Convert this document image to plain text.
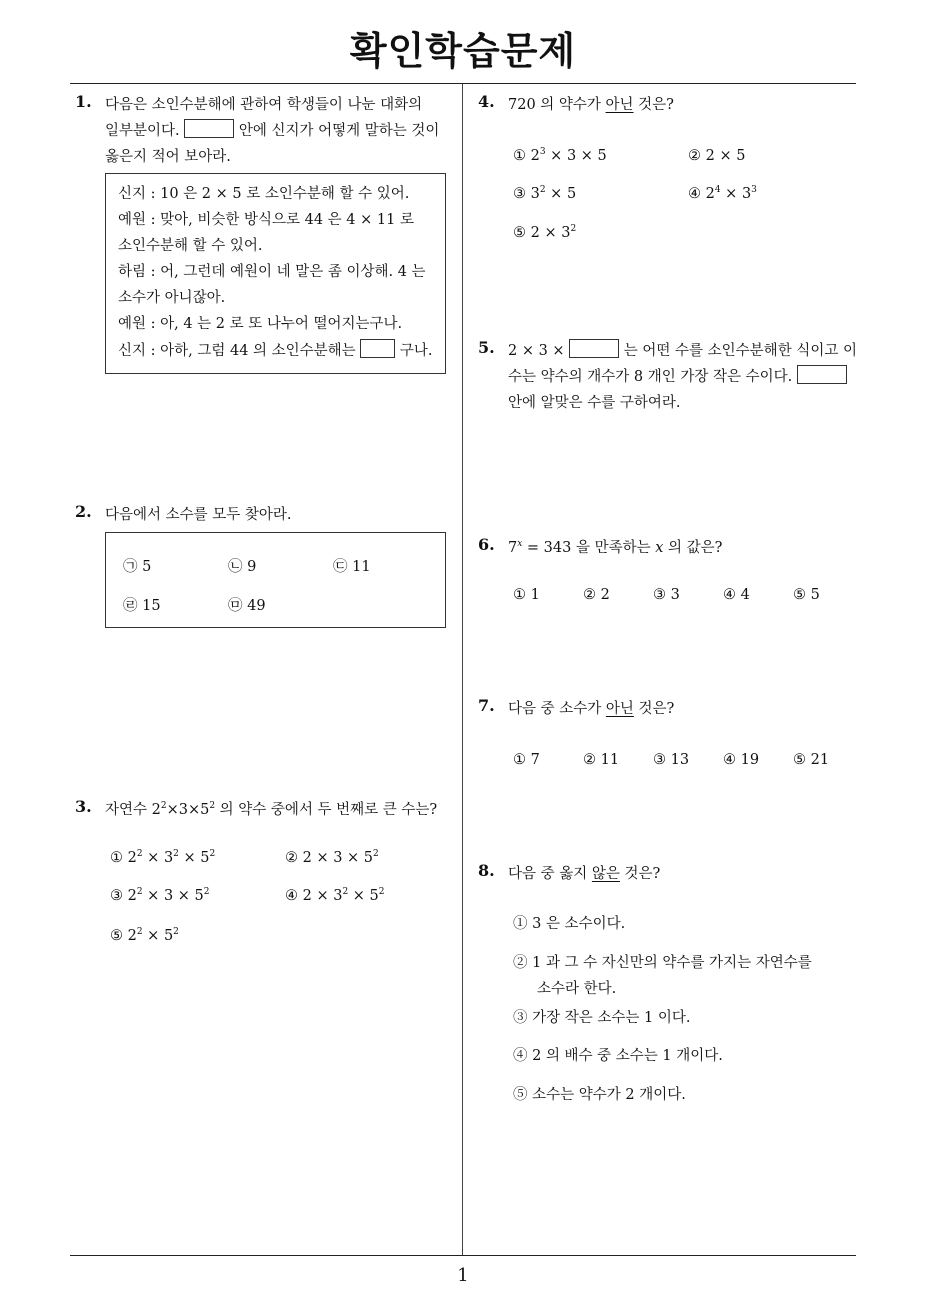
확인학습문제
1
1. 다음은 소인수분해에 관하여 학생들이 나눈 대화의
일부분이다.	안에 신지가 어떻게 말하는 것이
옳은지 적어 보아라.
신지 : 10 은 2 × 5 로 소인수분해 할 수 있어.
예원 : 맞아, 비슷한 방식으로 44 은 4 × 11 로
소인수분해 할 수 있어.
하림 : 어, 그런데 예원이 네 말은 좀 이상해. 4 는
소수가 아니잖아.
예원 : 아, 4 는 2 로 또 나누어 떨어지는구나.
신지 : 아하, 그럼 44 의 소인수분해는	구나.
2. 다음에서 소수를 모두 찾아라.
㉠ 5	㉡ 9	㉢ 11
㉣ 15	㉤ 49
3. 자연수 $2^2\times 3\times 5^2$ 의 약수 중에서 두 번째로 큰 수는?
① $2^2 \times 3^2 \times 5^2$	② $2 \times 3 \times 5^2$
③ $2^2 \times 3 \times 5^2$	④ $2 \times 3^2 \times 5^2$
⑤ $2^2 \times 5^2$
4. 720 의 약수가 아닌 것은?
① $2^3 \times 3 \times 5$	② 2 × 5
③ $3^2 \times 5$	④ $2^4 \times 3^3$
⑤ $2 \times 3^2$
5. 2 × 3 ×	는 어떤 수를 소인수분해한 식이고 이
수는 약수의 개수가 8 개인 가장 작은 수이다.
안에 알맞은 수를 구하여라.
6. $7^x = 343$ 을 만족하는 x 의 값은?
① 1	② 2	③ 3	④ 4	⑤ 5
7. 다음 중 소수가 아닌 것은?
① 7	② 11 ③ 13 ④ 19 ⑤ 21
8. 다음 중 옳지 않은 것은?
① 3 은 소수이다.
② 1 과 그 수 자신만의 약수를 가지는 자연수를
소수라 한다.
③ 가장 작은 소수는 1 이다.
④ 2 의 배수 중 소수는 1 개이다.
⑤ 소수는 약수가 2 개이다.
